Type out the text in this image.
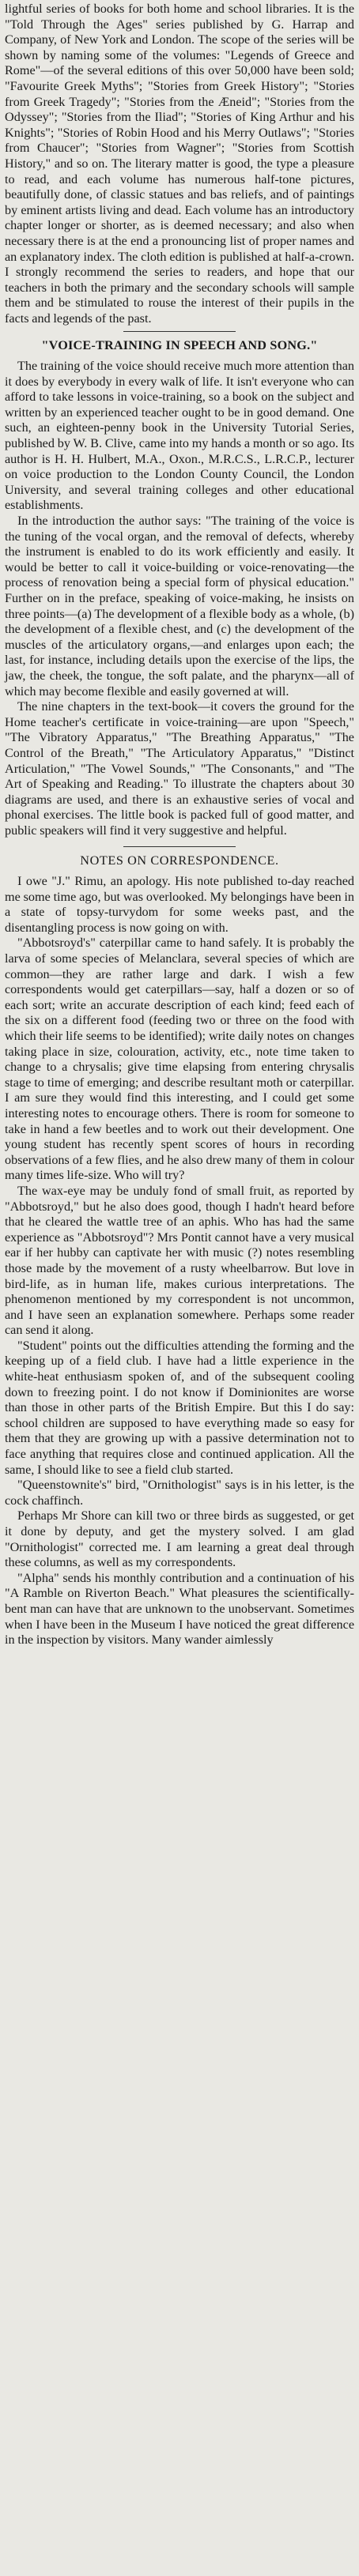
lightful series of books for both home and school libraries. It is the "Told Through the Ages" series published by G. Harrap and Company, of New York and London. The scope of the series will be shown by naming some of the volumes: "Legends of Greece and Rome"—of the several editions of this over 50,000 have been sold; "Favourite Greek Myths"; "Stories from Greek History"; "Stories from Greek Tragedy"; "Stories from the Æneid"; "Stories from the Odyssey"; "Stories from the Iliad"; "Stories of King Arthur and his Knights"; "Stories of Robin Hood and his Merry Outlaws"; "Stories from Chaucer"; "Stories from Wagner"; "Stories from Scottish History," and so on. The literary matter is good, the type a pleasure to read, and each volume has numerous half-tone pictures, beautifully done, of classic statues and bas reliefs, and of paintings by eminent artists living and dead. Each volume has an introductory chapter longer or shorter, as is deemed necessary; and also when necessary there is at the end a pronouncing list of proper names and an explanatory index. The cloth edition is published at half-a-crown. I strongly recommend the series to readers, and hope that our teachers in both the primary and the secondary schools will sample them and be stimulated to rouse the interest of their pupils in the facts and legends of the past.

"VOICE-TRAINING IN SPEECH AND SONG."

The training of the voice should receive much more attention than it does by everybody in every walk of life. It isn't everyone who can afford to take lessons in voice-training, so a book on the subject and written by an experienced teacher ought to be in good demand. One such, an eighteen-penny book in the University Tutorial Series, published by W. B. Clive, came into my hands a month or so ago. Its author is H. H. Hulbert, M.A., Oxon., M.R.C.S., L.R.C.P., lecturer on voice production to the London County Council, the London University, and several training colleges and other educational establishments.

In the introduction the author says: "The training of the voice is the tuning of the vocal organ, and the removal of defects, whereby the instrument is enabled to do its work efficiently and easily. It would be better to call it voice-building or voice-renovating—the process of renovation being a special form of physical education." Further on in the preface, speaking of voice-making, he insists on three points—(a) The development of a flexible body as a whole, (b) the development of a flexible chest, and (c) the development of the muscles of the articulatory organs,—and enlarges upon each; the last, for instance, including details upon the exercise of the lips, the jaw, the cheek, the tongue, the soft palate, and the pharynx—all of which may become flexible and easily governed at will.

The nine chapters in the text-book—it covers the ground for the Home teacher's certificate in voice-training—are upon "Speech," "The Vibratory Apparatus," "The Breathing Apparatus," "The Control of the Breath," "The Articulatory Apparatus," "Distinct Articulation," "The Vowel Sounds," "The Consonants," and "The Art of Speaking and Reading." To illustrate the chapters about 30 diagrams are used, and there is an exhaustive series of vocal and phonal exercises. The little book is packed full of good matter, and public speakers will find it very suggestive and helpful.

NOTES ON CORRESPONDENCE.

I owe "J." Rimu, an apology. His note published to-day reached me some time ago, but was overlooked. My belongings have been in a state of topsy-turvydom for some weeks past, and the disentangling process is now going on with.

"Abbotsroyd's" caterpillar came to hand safely. It is probably the larva of some species of Melanclara, several species of which are common—they are rather large and dark. I wish a few correspondents would get caterpillars—say, half a dozen or so of each sort; write an accurate description of each kind; feed each of the six on a different food (feeding two or three on the food with which their life seems to be identified); write daily notes on changes taking place in size, colouration, activity, etc., note time taken to change to a chrysalis; give time elapsing from entering chrysalis stage to time of emerging; and describe resultant moth or caterpillar. I am sure they would find this interesting, and I could get some interesting notes to encourage others. There is room for someone to take in hand a few beetles and to work out their development. One young student has recently spent scores of hours in recording observations of a few flies, and he also drew many of them in colour many times life-size. Who will try?

The wax-eye may be unduly fond of small fruit, as reported by "Abbotsroyd," but he also does good, though I hadn't heard before that he cleared the wattle tree of an aphis. Who has had the same experience as "Abbotsroyd"? Mrs Pontit cannot have a very musical ear if her hubby can captivate her with music (?) notes resembling those made by the movement of a rusty wheelbarrow. But love in bird-life, as in human life, makes curious interpretations. The phenomenon mentioned by my correspondent is not uncommon, and I have seen an explanation somewhere. Perhaps some reader can send it along.

"Student" points out the difficulties attending the forming and the keeping up of a field club. I have had a little experience in the white-heat enthusiasm spoken of, and of the subsequent cooling down to freezing point. I do not know if Dominionites are worse than those in other parts of the British Empire. But this I do say: school children are supposed to have everything made so easy for them that they are growing up with a passive determination not to face anything that requires close and continued application. All the same, I should like to see a field club started.

"Queenstownite's" bird, "Ornithologist" says is in his letter, is the cock chaffinch.

Perhaps Mr Shore can kill two or three birds as suggested, or get it done by deputy, and get the mystery solved. I am glad "Ornithologist" corrected me. I am learning a great deal through these columns, as well as my correspondents.

"Alpha" sends his monthly contribution and a continuation of his "A Ramble on Riverton Beach." What pleasures the scientifically-bent man can have that are unknown to the unobservant. Sometimes when I have been in the Museum I have noticed the great difference in the inspection by visitors. Many wander aimlessly
